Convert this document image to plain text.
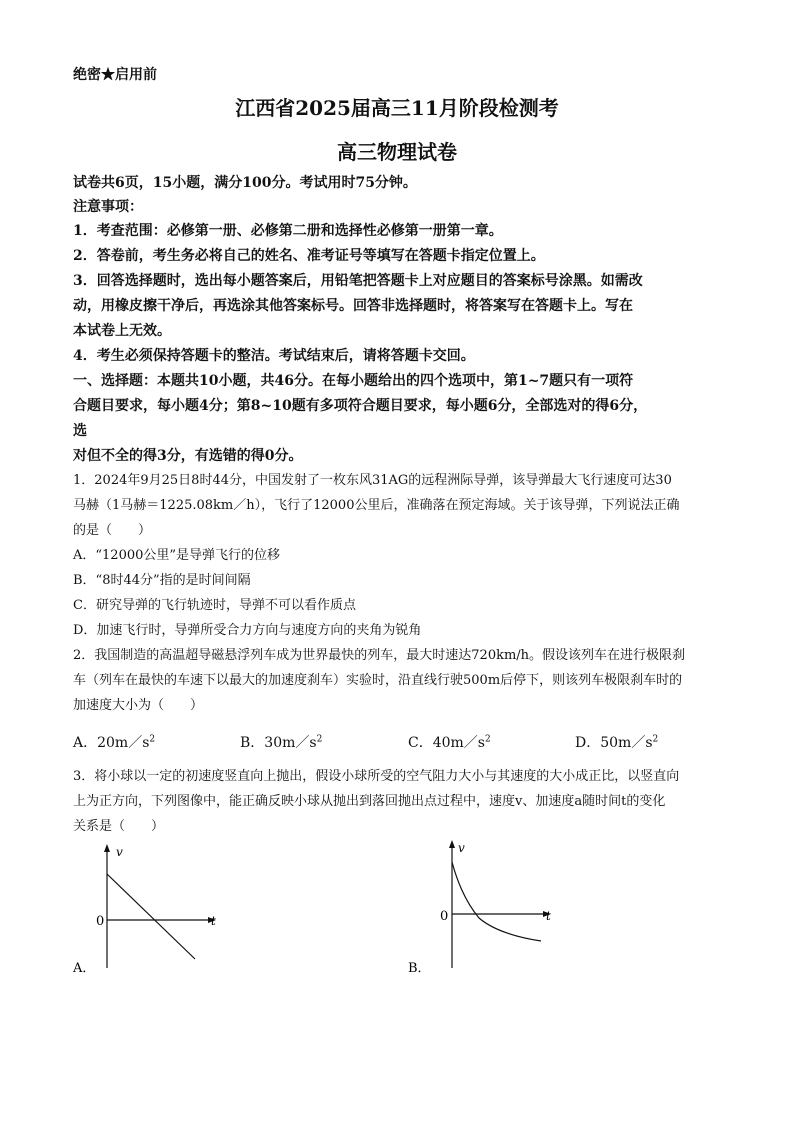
绝密★启用前
江西省2025届高三11月阶段检测考
高三物理试卷
试卷共6页，15小题，满分100分。考试用时75分钟。
注意事项：
1．考查范围：必修第一册、必修第二册和选择性必修第一册第一章。
2．答卷前，考生务必将自己的姓名、准考证号等填写在答题卡指定位置上。
3．回答选择题时，选出每小题答案后，用铅笔把答题卡上对应题目的答案标号涂黑。如需改
动，用橡皮擦干净后，再选涂其他答案标号。回答非选择题时，将答案写在答题卡上。写在
本试卷上无效。
4．考生必须保持答题卡的整洁。考试结束后，请将答题卡交回。
一、选择题：本题共10小题，共46分。在每小题给出的四个选项中，第1~7题只有一项符
合题目要求，每小题4分；第8~10题有多项符合题目要求，每小题6分，全部选对的得6分，
选
对但不全的得3分，有选错的得0分。
1．2024年9月25日8时44分，中国发射了一枚东风31AG的远程洲际导弹，该导弹最大飞行速度可达30
马赫（1马赫＝1225.08km／h），飞行了12000公里后，准确落在预定海域。关于该导弹，下列说法正确
的是（　　）
A．“12000公里”是导弹飞行的位移
B．“8时44分”指的是时间间隔
C．研究导弹的飞行轨迹时，导弹不可以看作质点
D．加速飞行时，导弹所受合力方向与速度方向的夹角为锐角
2．我国制造的高温超导磁悬浮列车成为世界最快的列车，最大时速达720km/h。假设该列车在进行极限刹
车（列车在最快的车速下以最大的加速度刹车）实验时，沿直线行驶500m后停下，则该列车极限刹车时的
加速度大小为（　　）
A．$20m/s^2$	B．$30m/s^2$	C．$40m/s^2$	D．$50m/s^2$
3．将小球以一定的初速度竖直向上抛出，假设小球所受的空气阻力大小与其速度的大小成正比，以竖直向
上为正方向，下列图像中，能正确反映小球从抛出到落回抛出点过程中，速度v、加速度a随时间t的变化
关系是（　　）
v
t
0
A．
v
t
0
B．
